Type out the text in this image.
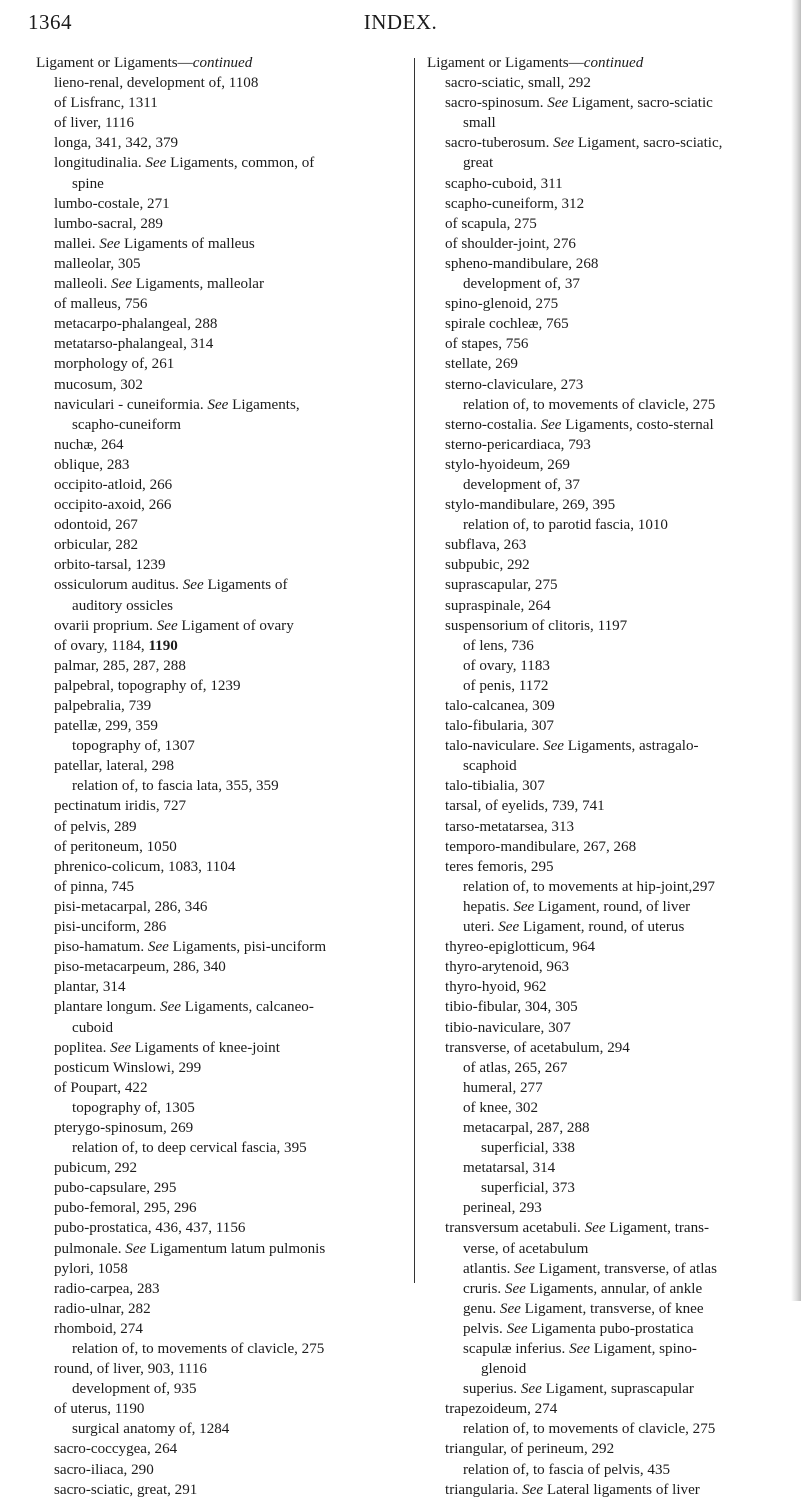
1364	INDEX.
Ligament or Ligaments—continued
lieno-renal, development of, 1108
of Lisfranc, 1311
of liver, 1116
longa, 341, 342, 379
longitudinalia. See Ligaments, common, of
spine
lumbo-costale, 271
lumbo-sacral, 289
mallei. See Ligaments of malleus
malleolar, 305
malleoli. See Ligaments, malleolar
of malleus, 756
metacarpo-phalangeal, 288
metatarso-phalangeal, 314
morphology of, 261
mucosum, 302
naviculari - cuneiformia. See Ligaments,
scapho-cuneiform
nuchæ, 264
oblique, 283
occipito-atloid, 266
occipito-axoid, 266
odontoid, 267
orbicular, 282
orbito-tarsal, 1239
ossiculorum auditus. See Ligaments of
auditory ossicles
ovarii proprium. See Ligament of ovary
of ovary, 1184, 1190
palmar, 285, 287, 288
palpebral, topography of, 1239
palpebralia, 739
patellæ, 299, 359
topography of, 1307
patellar, lateral, 298
relation of, to fascia lata, 355, 359
pectinatum iridis, 727
of pelvis, 289
of peritoneum, 1050
phrenico-colicum, 1083, 1104
of pinna, 745
pisi-metacarpal, 286, 346
pisi-unciform, 286
piso-hamatum. See Ligaments, pisi-unciform
piso-metacarpeum, 286, 340
plantar, 314
plantare longum. See Ligaments, calcaneo-
cuboid
poplitea. See Ligaments of knee-joint
posticum Winslowi, 299
of Poupart, 422
topography of, 1305
pterygo-spinosum, 269
relation of, to deep cervical fascia, 395
pubicum, 292
pubo-capsulare, 295
pubo-femoral, 295, 296
pubo-prostatica, 436, 437, 1156
pulmonale. See Ligamentum latum pulmonis
pylori, 1058
radio-carpea, 283
radio-ulnar, 282
rhomboid, 274
relation of, to movements of clavicle, 275
round, of liver, 903, 1116
development of, 935
of uterus, 1190
surgical anatomy of, 1284
sacro-coccygea, 264
sacro-iliaca, 290
sacro-sciatic, great, 291
Ligament or Ligaments—continued
sacro-sciatic, small, 292
sacro-spinosum. See Ligament, sacro-sciatic
small
sacro-tuberosum. See Ligament, sacro-sciatic,
great
scapho-cuboid, 311
scapho-cuneiform, 312
of scapula, 275
of shoulder-joint, 276
spheno-mandibulare, 268
development of, 37
spino-glenoid, 275
spirale cochleæ, 765
of stapes, 756
stellate, 269
sterno-claviculare, 273
relation of, to movements of clavicle, 275
sterno-costalia. See Ligaments, costo-sternal
sterno-pericardiaca, 793
stylo-hyoideum, 269
development of, 37
stylo-mandibulare, 269, 395
relation of, to parotid fascia, 1010
subflava, 263
subpubic, 292
suprascapular, 275
supraspinale, 264
suspensorium of clitoris, 1197
of lens, 736
of ovary, 1183
of penis, 1172
talo-calcanea, 309
talo-fibularia, 307
talo-naviculare. See Ligaments, astragalo-
scaphoid
talo-tibialia, 307
tarsal, of eyelids, 739, 741
tarso-metatarsea, 313
temporo-mandibulare, 267, 268
teres femoris, 295
relation of, to movements at hip-joint,297
hepatis. See Ligament, round, of liver
uteri. See Ligament, round, of uterus
thyreo-epiglotticum, 964
thyro-arytenoid, 963
thyro-hyoid, 962
tibio-fibular, 304, 305
tibio-naviculare, 307
transverse, of acetabulum, 294
of atlas, 265, 267
humeral, 277
of knee, 302
metacarpal, 287, 288
superficial, 338
metatarsal, 314
superficial, 373
perineal, 293
transversum acetabuli. See Ligament, trans-
verse, of acetabulum
atlantis. See Ligament, transverse, of atlas
cruris. See Ligaments, annular, of ankle
genu. See Ligament, transverse, of knee
pelvis. See Ligamenta pubo-prostatica
scapulæ inferius. See Ligament, spino-
glenoid
superius. See Ligament, suprascapular
trapezoideum, 274
relation of, to movements of clavicle, 275
triangular, of perineum, 292
relation of, to fascia of pelvis, 435
triangularia. See Lateral ligaments of liver
